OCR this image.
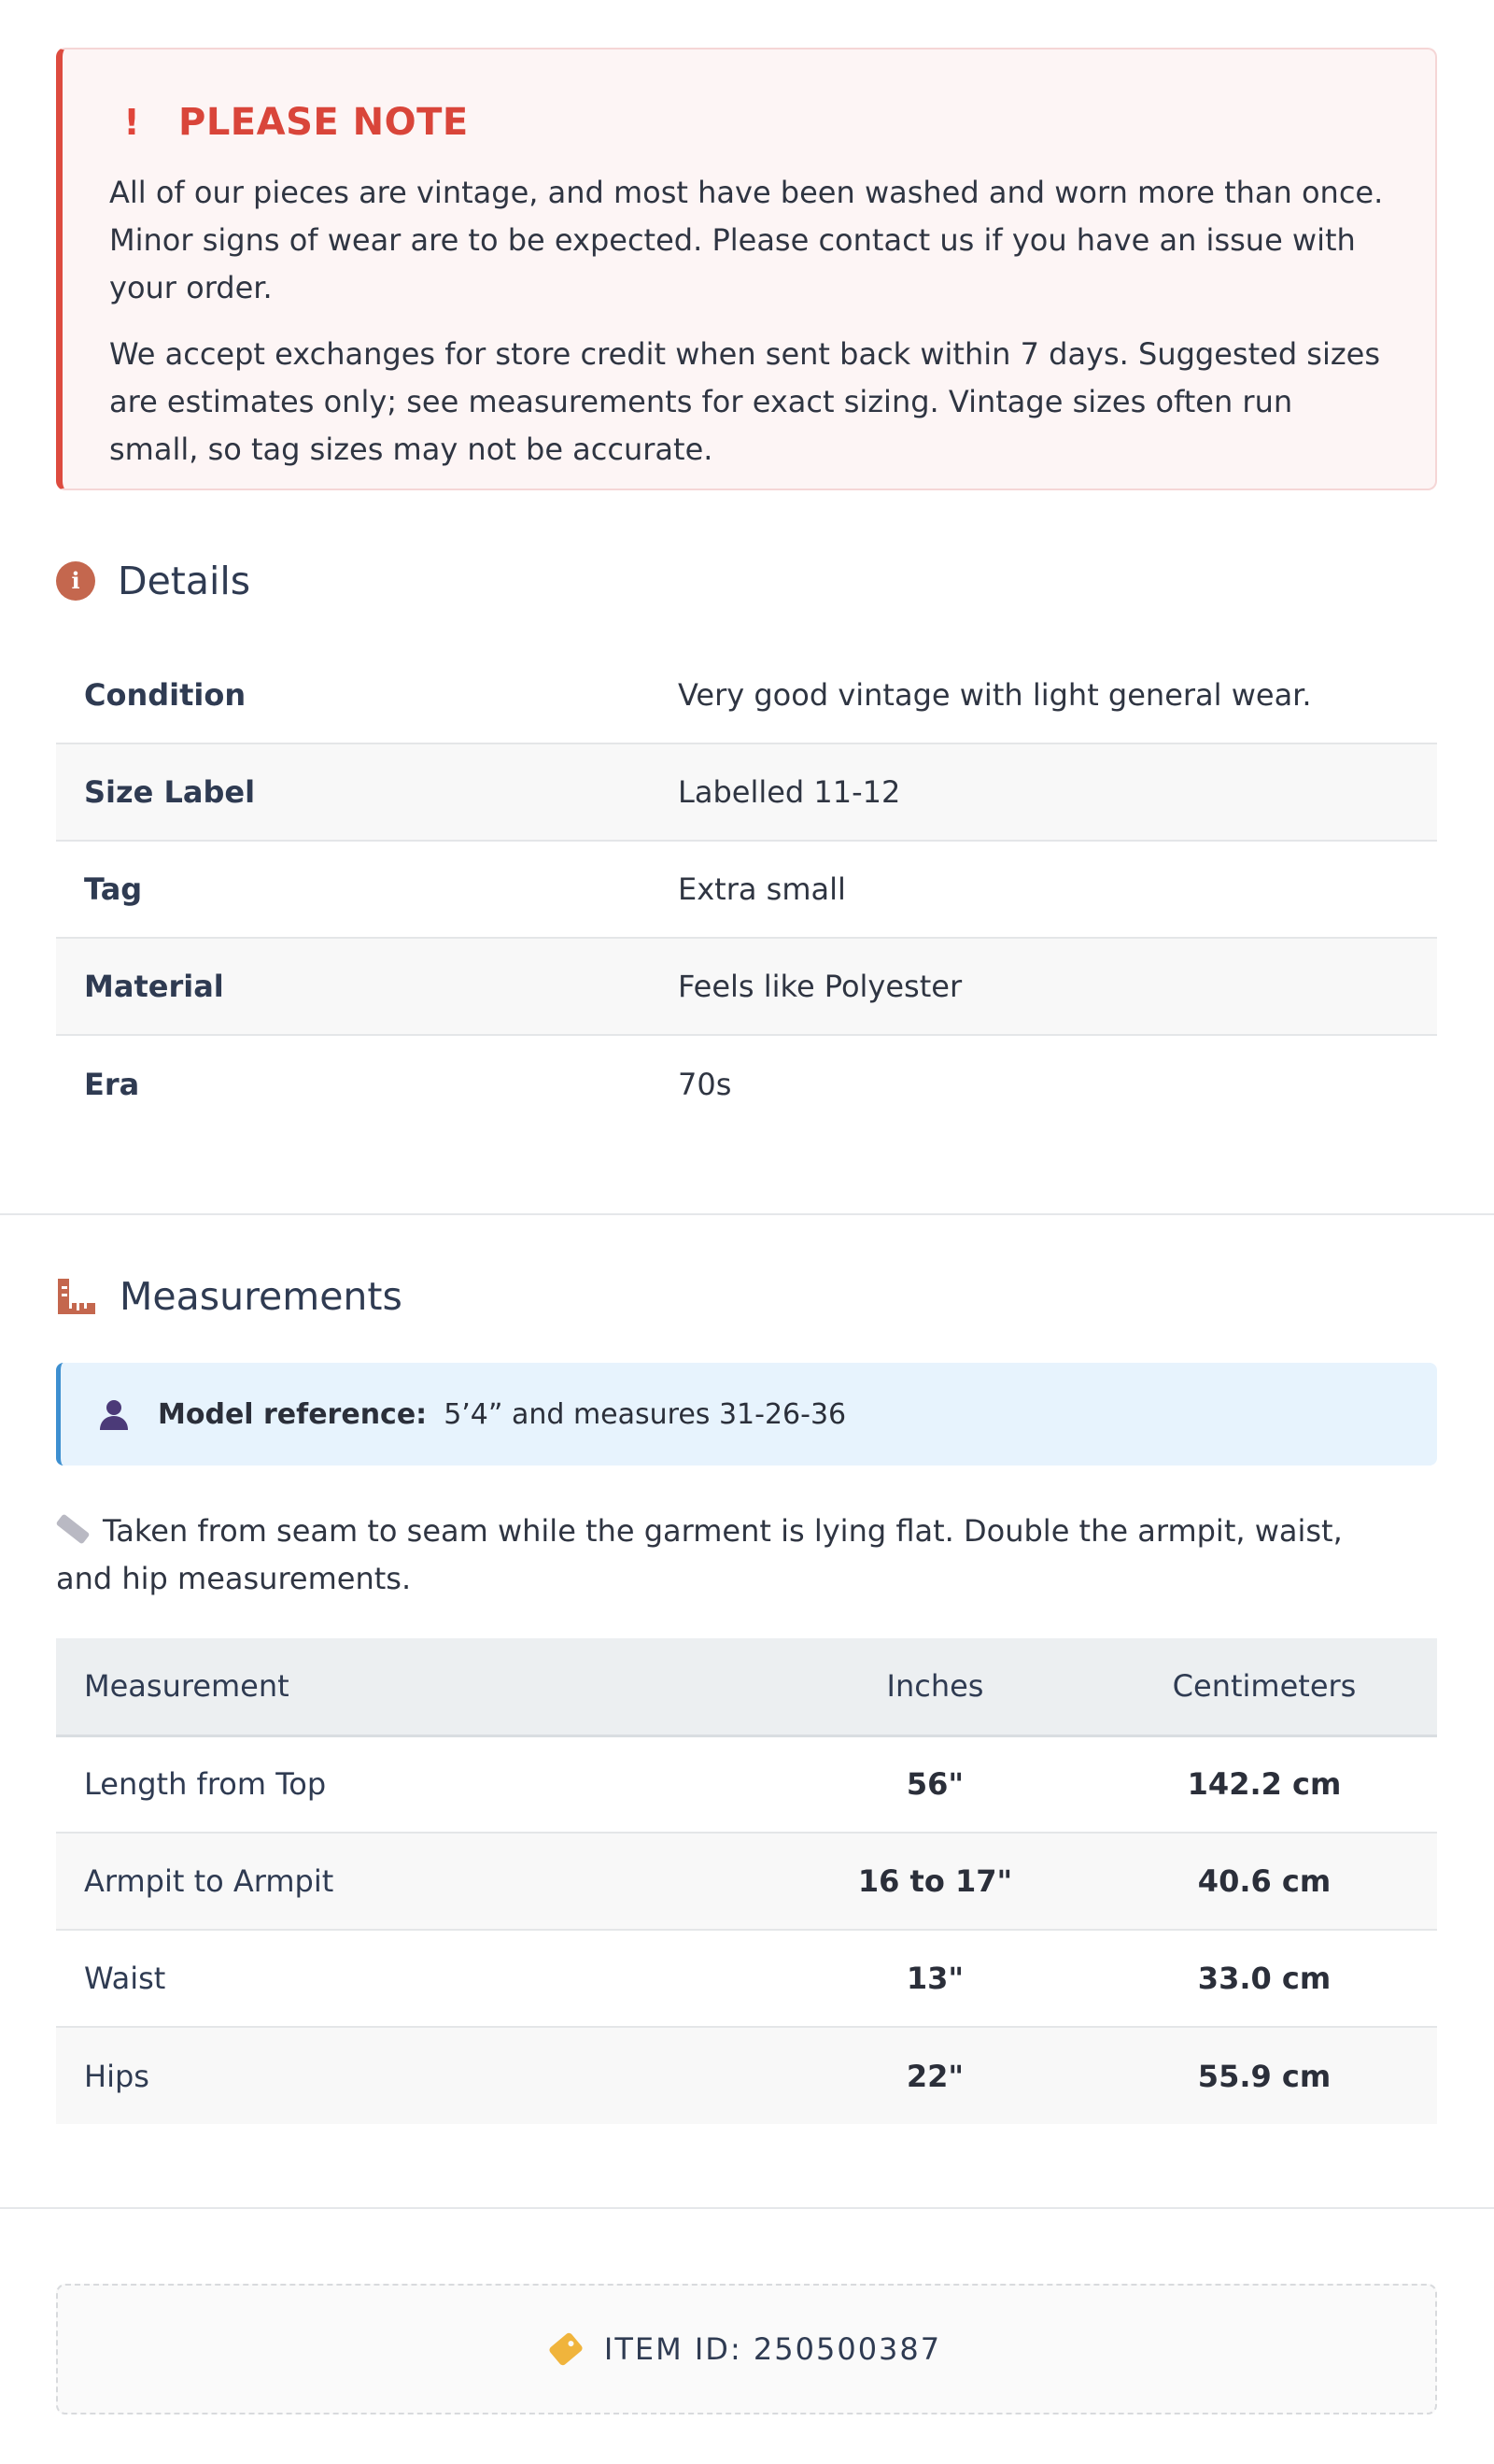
! PLEASE NOTE

All of our pieces are vintage, and most have been washed and worn more than once. Minor signs of wear are to be expected. Please contact us if you have an issue with your order.

We accept exchanges for store credit when sent back within 7 days. Suggested sizes are estimates only; see measurements for exact sizing. Vintage sizes often run small, so tag sizes may not be accurate.

i Details
Condition	Very good vintage with light general wear.
Size Label	Labelled 11-12
Tag	Extra small
Material	Feels like Polyester
Era	70s
Measurements
Model reference: 5’4” and measures 31-26-36
Taken from seam to seam while the garment is lying flat. Double the armpit, waist, and hip measurements.
Measurement	Inches	Centimeters
Length from Top	56"	142.2 cm
Armpit to Armpit	16 to 17"	40.6 cm
Waist	13"	33.0 cm
Hips	22"	55.9 cm
ITEM ID: 250500387
